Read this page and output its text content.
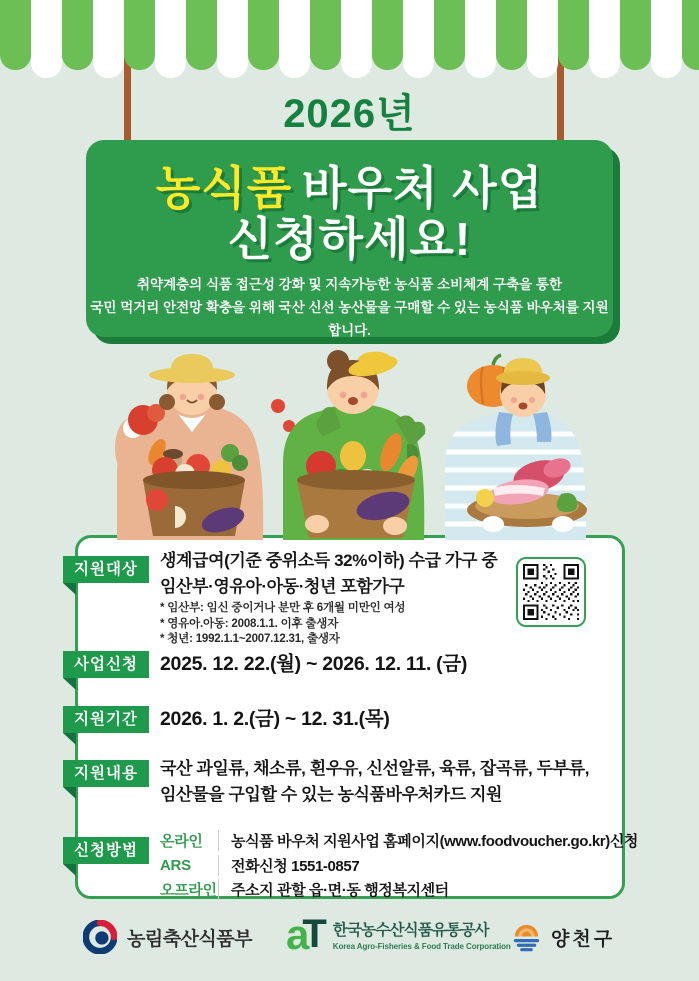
2026년
농식품 바우처 사업
신청하세요!
취약계층의 식품 접근성 강화 및 지속가능한 농식품 소비체계 구축을 통한
국민 먹거리 안전망 확충을 위해 국산 신선 농산물을 구매할 수 있는 농식품 바우처를 지원합니다.
지원대상
사업신청
지원기간
지원내용
신청방법
생계급여(기준 중위소득 32%이하) 수급 가구 중
임산부·영유아·아동·청년 포함가구
* 임산부: 임신 중이거나 분만 후 6개월 미만인 여성
* 영유아.아동: 2008.1.1. 이후 출생자
* 청년: 1992.1.1~2007.12.31, 출생자
2025. 12. 22.(월) ~ 2026. 12. 11. (금)
2026. 1. 2.(금) ~ 12. 31.(목)
국산 과일류, 채소류, 흰우유, 신선알류, 육류, 잡곡류, 두부류,
임산물을 구입할 수 있는 농식품바우처카드 지원
온라인	농식품 바우처 지원사업 홈페이지(www.foodvoucher.go.kr)신청
ARS	전화신청 1551-0857
오프라인 주소지 관할 읍·면·동 행정복지센터
농림축산식품부 a
T 한국농수산식품유통공사
Korea Agro-Fisheries & Food Trade Corporation 양천구
